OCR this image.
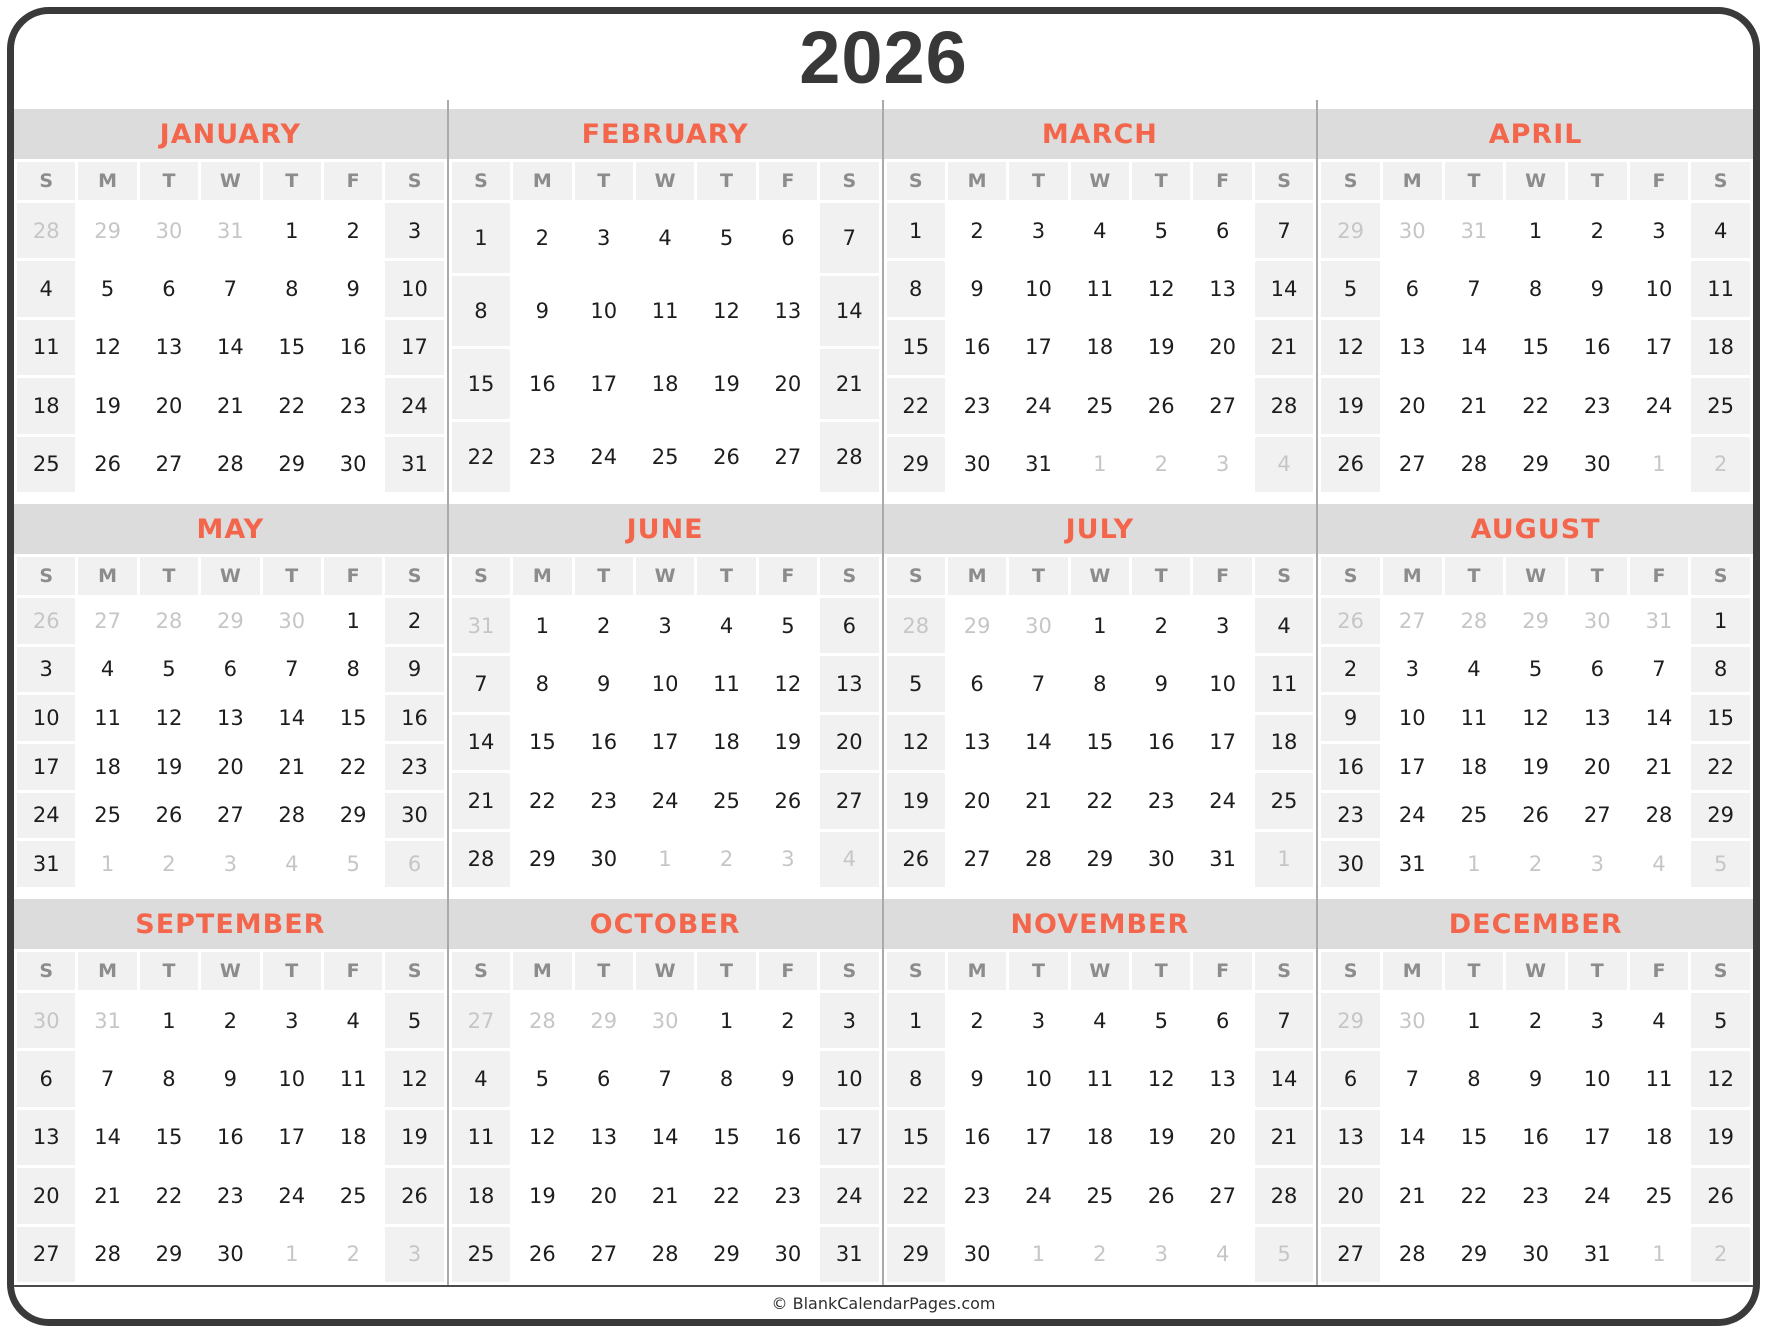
2026
JANUARY
S	M	T	W	T	F	S
28	29	30	31	1	2	3
4	5	6	7	8	9	10
11	12	13	14	15	16	17
18	19	20	21	22	23	24
25	26	27	28	29	30	31
FEBRUARY
S	M	T	W	T	F	S
1	2	3	4	5	6	7
8	9	10	11	12	13	14
15	16	17	18	19	20	21
22	23	24	25	26	27	28
MARCH
S	M	T	W	T	F	S
1	2	3	4	5	6	7
8	9	10	11	12	13	14
15	16	17	18	19	20	21
22	23	24	25	26	27	28
29	30	31	1	2	3	4
APRIL
S	M	T	W	T	F	S
29	30	31	1	2	3	4
5	6	7	8	9	10	11
12	13	14	15	16	17	18
19	20	21	22	23	24	25
26	27	28	29	30	1	2
MAY
S	M	T	W	T	F	S
26	27	28	29	30	1	2
3	4	5	6	7	8	9
10	11	12	13	14	15	16
17	18	19	20	21	22	23
24	25	26	27	28	29	30
31	1	2	3	4	5	6
JUNE
S	M	T	W	T	F	S
31	1	2	3	4	5	6
7	8	9	10	11	12	13
14	15	16	17	18	19	20
21	22	23	24	25	26	27
28	29	30	1	2	3	4
JULY
S	M	T	W	T	F	S
28	29	30	1	2	3	4
5	6	7	8	9	10	11
12	13	14	15	16	17	18
19	20	21	22	23	24	25
26	27	28	29	30	31	1
AUGUST
S	M	T	W	T	F	S
26	27	28	29	30	31	1
2	3	4	5	6	7	8
9	10	11	12	13	14	15
16	17	18	19	20	21	22
23	24	25	26	27	28	29
30	31	1	2	3	4	5
SEPTEMBER
S	M	T	W	T	F	S
30	31	1	2	3	4	5
6	7	8	9	10	11	12
13	14	15	16	17	18	19
20	21	22	23	24	25	26
27	28	29	30	1	2	3
OCTOBER
S	M	T	W	T	F	S
27	28	29	30	1	2	3
4	5	6	7	8	9	10
11	12	13	14	15	16	17
18	19	20	21	22	23	24
25	26	27	28	29	30	31
NOVEMBER
S	M	T	W	T	F	S
1	2	3	4	5	6	7
8	9	10	11	12	13	14
15	16	17	18	19	20	21
22	23	24	25	26	27	28
29	30	1	2	3	4	5
DECEMBER
S	M	T	W	T	F	S
29	30	1	2	3	4	5
6	7	8	9	10	11	12
13	14	15	16	17	18	19
20	21	22	23	24	25	26
27	28	29	30	31	1	2
© BlankCalendarPages.com
